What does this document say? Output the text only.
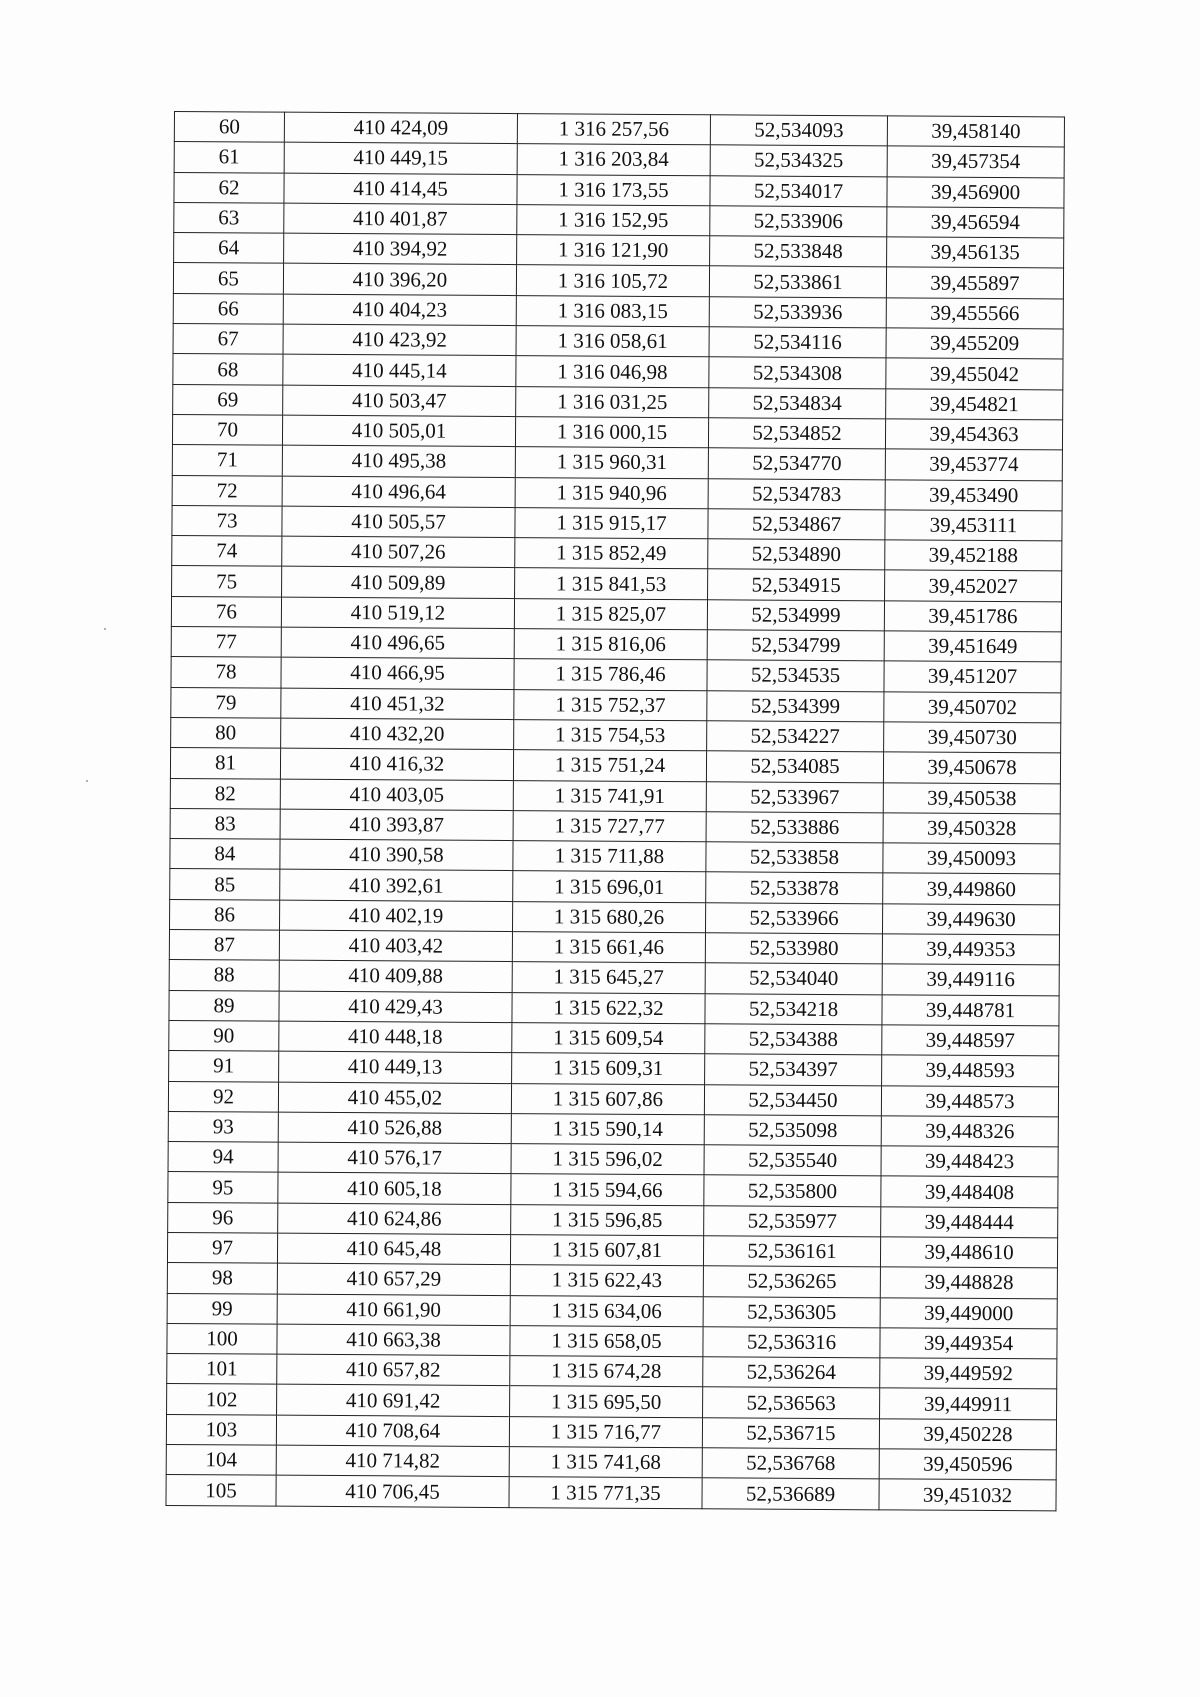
60	410 424,09	1 316 257,56	52,534093	39,458140
61	410 449,15	1 316 203,84	52,534325	39,457354
62	410 414,45	1 316 173,55	52,534017	39,456900
63	410 401,87	1 316 152,95	52,533906	39,456594
64	410 394,92	1 316 121,90	52,533848	39,456135
65	410 396,20	1 316 105,72	52,533861	39,455897
66	410 404,23	1 316 083,15	52,533936	39,455566
67	410 423,92	1 316 058,61	52,534116	39,455209
68	410 445,14	1 316 046,98	52,534308	39,455042
69	410 503,47	1 316 031,25	52,534834	39,454821
70	410 505,01	1 316 000,15	52,534852	39,454363
71	410 495,38	1 315 960,31	52,534770	39,453774
72	410 496,64	1 315 940,96	52,534783	39,453490
73	410 505,57	1 315 915,17	52,534867	39,453111
74	410 507,26	1 315 852,49	52,534890	39,452188
75	410 509,89	1 315 841,53	52,534915	39,452027
76	410 519,12	1 315 825,07	52,534999	39,451786
77	410 496,65	1 315 816,06	52,534799	39,451649
78	410 466,95	1 315 786,46	52,534535	39,451207
79	410 451,32	1 315 752,37	52,534399	39,450702
80	410 432,20	1 315 754,53	52,534227	39,450730
81	410 416,32	1 315 751,24	52,534085	39,450678
82	410 403,05	1 315 741,91	52,533967	39,450538
83	410 393,87	1 315 727,77	52,533886	39,450328
84	410 390,58	1 315 711,88	52,533858	39,450093
85	410 392,61	1 315 696,01	52,533878	39,449860
86	410 402,19	1 315 680,26	52,533966	39,449630
87	410 403,42	1 315 661,46	52,533980	39,449353
88	410 409,88	1 315 645,27	52,534040	39,449116
89	410 429,43	1 315 622,32	52,534218	39,448781
90	410 448,18	1 315 609,54	52,534388	39,448597
91	410 449,13	1 315 609,31	52,534397	39,448593
92	410 455,02	1 315 607,86	52,534450	39,448573
93	410 526,88	1 315 590,14	52,535098	39,448326
94	410 576,17	1 315 596,02	52,535540	39,448423
95	410 605,18	1 315 594,66	52,535800	39,448408
96	410 624,86	1 315 596,85	52,535977	39,448444
97	410 645,48	1 315 607,81	52,536161	39,448610
98	410 657,29	1 315 622,43	52,536265	39,448828
99	410 661,90	1 315 634,06	52,536305	39,449000
100	410 663,38	1 315 658,05	52,536316	39,449354
101	410 657,82	1 315 674,28	52,536264	39,449592
102	410 691,42	1 315 695,50	52,536563	39,449911
103	410 708,64	1 315 716,77	52,536715	39,450228
104	410 714,82	1 315 741,68	52,536768	39,450596
105	410 706,45	1 315 771,35	52,536689	39,451032
